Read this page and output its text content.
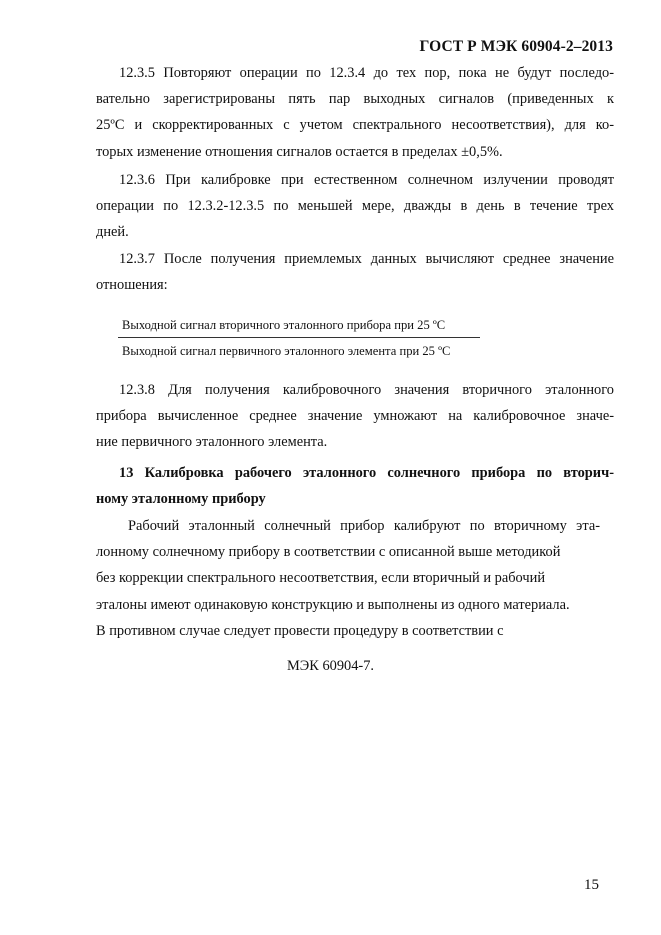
ГОСТ Р МЭК 60904-2–2013
12.3.5 Повторяют операции по 12.3.4 до тех пор, пока не будут последо-
вательно зарегистрированы пять пар выходных сигналов (приведенных к
25ºС и скорректированных с учетом спектрального несоответствия), для ко-
торых изменение отношения сигналов остается в пределах ±0,5%.
12.3.6 При калибровке при естественном солнечном излучении проводят
операции по 12.3.2-12.3.5 по меньшей мере, дважды в день в течение трех
дней.
12.3.7 После получения приемлемых данных вычисляют среднее значение
отношения:
Выходной сигнал вторичного эталонного прибора при 25 ºС
Выходной сигнал первичного эталонного элемента при 25 ºС
12.3.8 Для получения калибровочного значения вторичного эталонного
прибора вычисленное среднее значение умножают на калибровочное значе-
ние первичного эталонного элемента.
13 Калибровка рабочего эталонного солнечного прибора по вторич-
ному эталонному прибору
Рабочий эталонный солнечный прибор калибруют по вторичному эта-
лонному солнечному прибору в соответствии с описанной выше методикой
без коррекции спектрального несоответствия, если вторичный и рабочий
эталоны имеют одинаковую конструкцию и выполнены из одного материала.
В противном случае следует провести процедуру в соответствии с
МЭК 60904-7.
15
